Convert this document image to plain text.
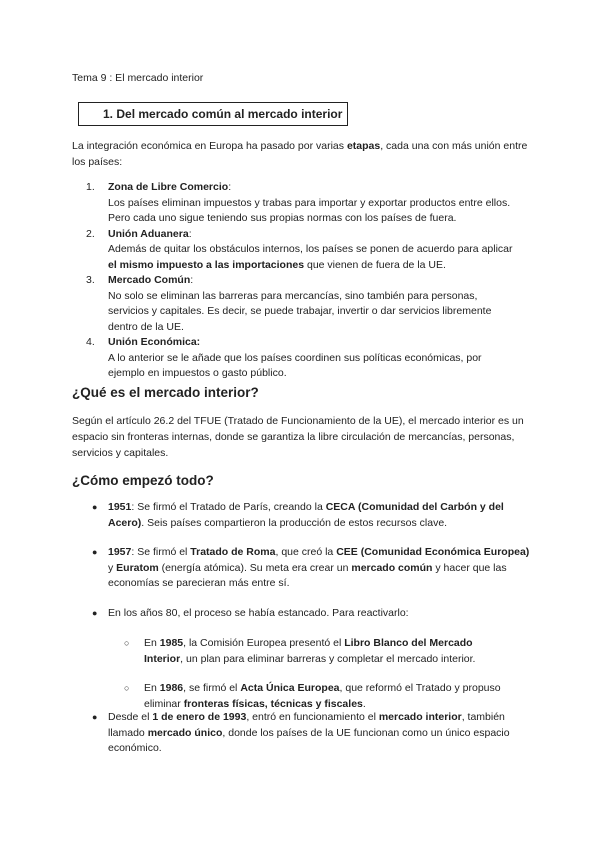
Tema 9 : El mercado interior
1. Del mercado común al mercado interior
La integración económica en Europa ha pasado por varias etapas, cada una con más unión entre los países:
1. Zona de Libre Comercio:
Los países eliminan impuestos y trabas para importar y exportar productos entre ellos. Pero cada uno sigue teniendo sus propias normas con los países de fuera.
2. Unión Aduanera:
Además de quitar los obstáculos internos, los países se ponen de acuerdo para aplicar el mismo impuesto a las importaciones que vienen de fuera de la UE.
3. Mercado Común:
No solo se eliminan las barreras para mercancías, sino también para personas, servicios y capitales. Es decir, se puede trabajar, invertir o dar servicios libremente dentro de la UE.
4. Unión Económica:
A lo anterior se le añade que los países coordinen sus políticas económicas, por ejemplo en impuestos o gasto público.
¿Qué es el mercado interior?
Según el artículo 26.2 del TFUE (Tratado de Funcionamiento de la UE), el mercado interior es un espacio sin fronteras internas, donde se garantiza la libre circulación de mercancías, personas, servicios y capitales.
¿Cómo empezó todo?
● 1951: Se firmó el Tratado de París, creando la CECA (Comunidad del Carbón y del Acero). Seis países compartieron la producción de estos recursos clave.
● 1957: Se firmó el Tratado de Roma, que creó la CEE (Comunidad Económica Europea) y Euratom (energía atómica). Su meta era crear un mercado común y hacer que las economías se parecieran más entre sí.
● En los años 80, el proceso se había estancado. Para reactivarlo:
○ En 1985, la Comisión Europea presentó el Libro Blanco del Mercado Interior, un plan para eliminar barreras y completar el mercado interior.
○ En 1986, se firmó el Acta Única Europea, que reformó el Tratado y propuso eliminar fronteras físicas, técnicas y fiscales.
● Desde el 1 de enero de 1993, entró en funcionamiento el mercado interior, también llamado mercado único, donde los países de la UE funcionan como un único espacio económico.
